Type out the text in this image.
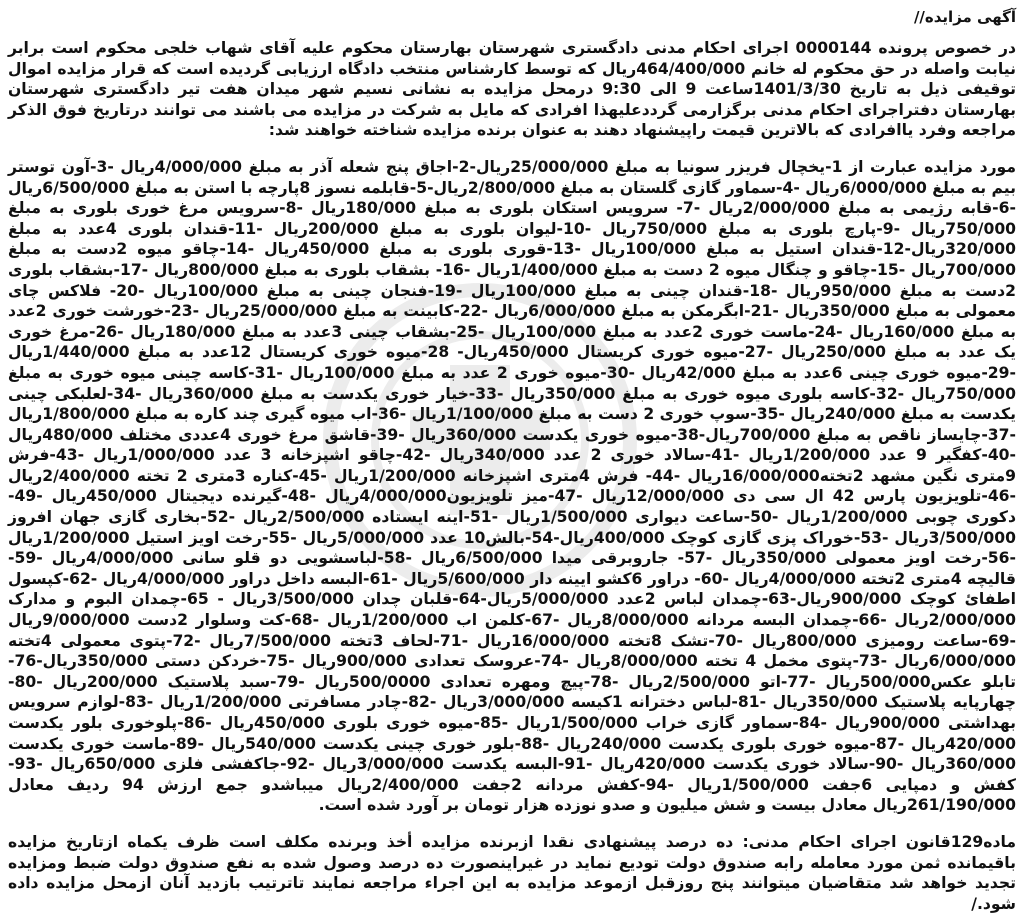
آگهی مزایده//

در خصوص پرونده 0000144 اجرای احکام مدنی دادگستری شهرستان بهارستان محکوم علیه آقای شهاب خلجی محکوم است برابر نیابت واصله در حق محکوم له خانم 464/400/000ریال که توسط کارشناس منتخب دادگاه ارزیابی گردیده است که قرار مزایده اموال توقیفی ذیل به تاریخ 1401/3/30ساعت 9 الی 9:30 درمحل مزایده به نشانی نسیم شهر میدان هفت تیر دادگستری شهرستان بهارستان دفتراجرای احکام مدنی برگزارمی گرددعلیهذا افرادی که مایل به شرکت در مزایده می باشند می توانند درتاریخ فوق الذکر مراجعه وفرد یاافرادی که بالاترین قیمت راپیشنهاد دهند به عنوان برنده مزایده شناخته خواهند شد:

مورد مزایده عبارت از 1-یخچال فریزر سونیا به مبلغ 25/000/000ریال-2-اجاق پنج شعله آذر به مبلغ 4/000/000ریال -3-آون توستر بیم به مبلغ 6/000/000ریال -4-سماور گازی گلستان به مبلغ 2/800/000ریال-5-قابلمه نسوز 8پارچه با استن به مبلغ 6/500/000ریال -6-قابه رژیمی به مبلغ 2/000/000ریال -7- سرویس استکان بلوری به مبلغ 180/000ریال -8-سرویس مرغ خوری بلوری به مبلغ 750/000ریال -9-پارچ بلوری به مبلغ 750/000ریال -10-لیوان بلوری به مبلغ 200/000ریال -11-قندان بلوری 4عدد به مبلغ 320/000ریال-12-قندان استیل به مبلغ 100/000ریال -13-قوری بلوری به مبلغ 450/000ریال -14-چاقو میوه 2دست به مبلغ 700/000ریال -15-چاقو و چنگال میوه 2 دست به مبلغ 1/400/000ریال -16- بشقاب بلوری به مبلغ 800/000ریال -17-بشقاب بلوری 2دست به مبلغ 950/000ریال -18-قندان چینی به مبلغ 100/000ریال -19-فنجان چینی به مبلغ 100/000ریال -20- فلاکس چای معمولی به مبلغ 350/000ریال -21-ابگرمکن به مبلغ 6/000/000ریال -22-کابینت به مبلغ 25/000/000ریال -23-خورشت خوری 2عدد به مبلغ 160/000ریال -24-ماست خوری 2عدد به مبلغ 100/000ریال -25-بشقاب چینی 3عدد به مبلغ 180/000ریال -26-مرغ خوری یک عدد به مبلغ 250/000ریال -27-میوه خوری کریستال 450/000ریال- 28-میوه خوری کریستال 12عدد به مبلغ 1/440/000ریال -29-میوه خوری چینی 6عدد به مبلغ 42/000ریال -30-میوه خوری 2 عدد به مبلغ 100/000ریال -31-کاسه چینی میوه خوری به مبلغ 750/000ریال -32-کاسه بلوری میوه خوری به مبلغ 350/000ریال -33-خیار خوری یکدست به مبلغ 360/000ریال -34-لعلبکی چینی یکدست به مبلغ 240/000ریال -35-سوپ خوری 2 دست به مبلغ 1/100/000ریال -36-اب میوه گیری چند کاره به مبلغ 1/800/000ریال -37-چایساز ناقص به مبلغ 700/000ریال-38-میوه خوری یکدست 360/000ریال -39-قاشق مرغ خوری 4عددی مختلف 480/000ریال -40-کفگیر 9 عدد 1/200/000ریال -41-سالاد خوری 2 عدد 340/000ریال -42-چاقو اشپزخانه 3 عدد 1/000/000ریال -43-فرش 9متری نگین مشهد 2تخته16/000/000ریال -44- فرش 4متری اشپزخانه 1/200/000ریال -45-کناره 3متری 2 تخته 2/400/000ریال -46-تلویزیون پارس 42 ال سی دی 12/000/000ریال -47-میز تلویزیون4/000/000ریال -48-گیرنده دیجیتال 450/000ریال -49-دکوری چوبی 1/200/000ریال -50-ساعت دیواری 1/500/000ریال -51-اینه ایستاده 2/500/000ریال -52-بخاری گازی جهان افروز 3/500/000ریال -53-خوراک پزی گازی کوچک 400/000ریال-54-بالش10 عدد 5/000/000ریال -55-رخت اویز استیل 1/200/000ریال -56-رخت اویز معمولی 350/000ریال -57- جاروبرقی میدا 6/500/000ریال -58-لباسشویی دو قلو سانی 4/000/000ریال -59-قالیچه 4متری 2تخته 4/000/000ریال -60- دراور 6کشو ایینه دار 5/600/000ریال -61-البسه داخل دراور 4/000/000ریال -62-کپسول اطفائ کوچک 900/000ریال-63-چمدان لباس 2عدد 5/000/000ریال-64-قلبان چدان 3/500/000ریال - 65-چمدان البوم و مدارک 2/000/000ریال -66-چمدان البسه مردانه 8/000/000ریال -67-کلمن اب 1/200/000ریال -68-کت وسلوار 2دست 9/000/000ریال -69-ساعت رومیزی 800/000ریال -70-تشک 8تخته 16/000/000ریال -71-لحاف 3تخته 7/500/000ریال -72-پتوی معمولی 4تخته 6/000/000ریال -73-پتوی مخمل 4 تخته 8/000/000ریال -74-عروسک تعدادی 900/000ریال -75-خردکن دستی 350/000ریال-76-تابلو عکس500/000ریال -77-اتو 2/500/000ریال -78-پیچ ومهره تعدادی 500/0000ریال -79-سبد پلاستیک 200/000ریال -80-چهارپایه پلاستیک 350/000ریال -81-لباس دخترانه 1کیسه 3/000/000ریال -82-چادر مسافرتی 1/200/000ریال -83-لوازم سرویس بهداشتی 900/000ریال -84-سماور گازی خراب 1/500/000ریال -85-میوه خوری بلوری 450/000ریال -86-پلوخوری بلور یکدست 420/000ریال -87-میوه خوری بلوری یکدست 240/000ریال -88-بلور خوری چینی یکدست 540/000ریال -89-ماست خوری یکدست 360/000ریال -90-سالاد خوری یکدست 420/000ریال -91-البسه یکدست 3/000/000ریال -92-جاکفشی فلزی 650/000ریال -93-کفش و دمپایی 6جفت 1/500/000ریال -94-کفش مردانه 2جفت 2/400/000ریال میباشدو جمع ارزش 94 ردیف معادل 261/190/000ریال معادل بیست و شش میلیون و صدو نوزده هزار تومان بر آورد شده است.

ماده129قانون اجرای احکام مدنی: ده درصد پیشنهادی نقدا ازبرنده مزایده أخذ وبرنده مکلف است ظرف یکماه ازتاریخ مزایده باقیمانده ثمن مورد معامله رابه صندوق دولت تودیع نماید در غیراینصورت ده درصد وصول شده به نفع صندوق دولت ضبط ومزایده تجدید خواهد شد متقاضیان میتوانند پنج روزقبل ازموعد مزایده به این اجراء مراجعه نمایند تاترتیب بازدید آنان ازمحل مزایده داده شود./
